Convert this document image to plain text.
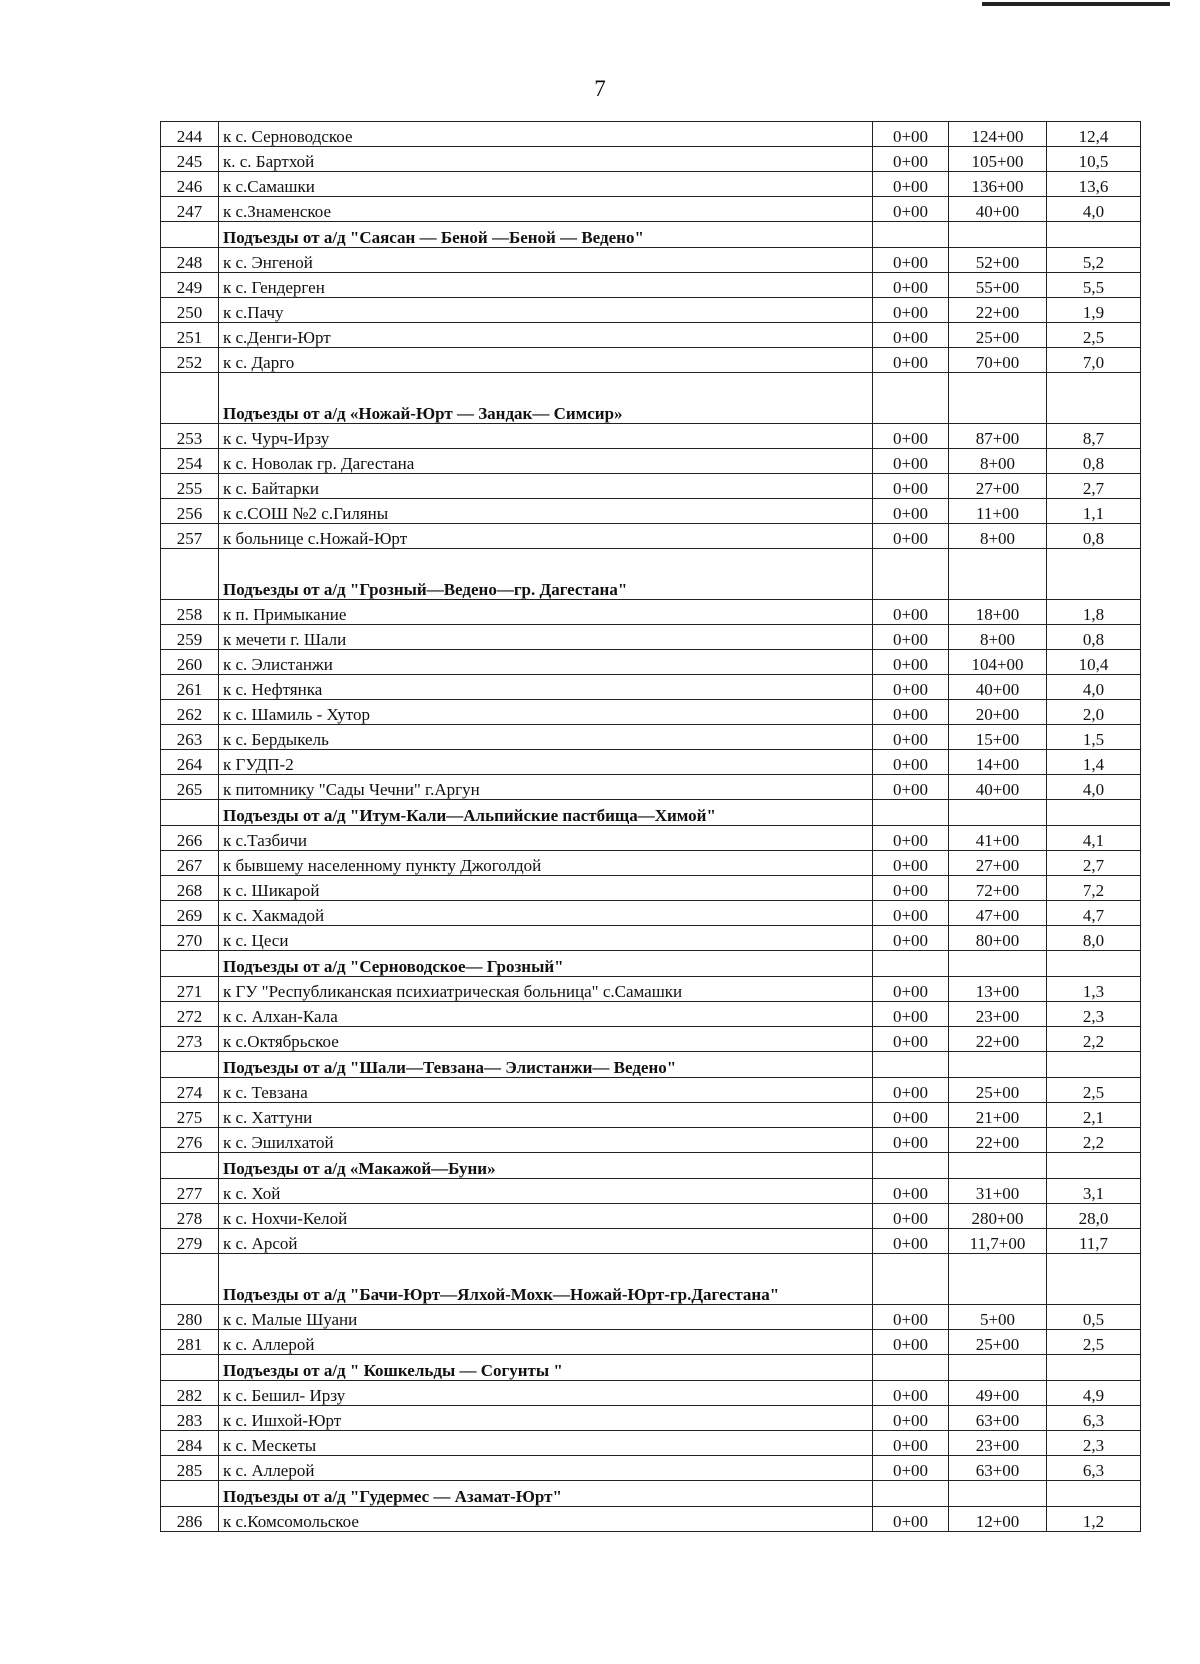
7
244	к с. Серноводское	0+00	124+00	12,4
245	к. с. Бартхой	0+00	105+00	10,5
246	к с.Самашки	0+00	136+00	13,6
247	к с.Знаменское	0+00	40+00	4,0
	Подъезды от а/д "Саясан — Беной —Беной — Ведено"			
248	к с. Энгеной	0+00	52+00	5,2
249	к с. Гендерген	0+00	55+00	5,5
250	к с.Пачу	0+00	22+00	1,9
251	к с.Денги-Юрт	0+00	25+00	2,5
252	к с. Дарго	0+00	70+00	7,0
	Подъезды от а/д «Ножай-Юрт — Зандак— Симсир»			
253	к с. Чурч-Ирзу	0+00	87+00	8,7
254	к с. Новолак гр. Дагестана	0+00	8+00	0,8
255	к с. Байтарки	0+00	27+00	2,7
256	к с.СОШ №2 с.Гиляны	0+00	11+00	1,1
257	к больнице с.Ножай-Юрт	0+00	8+00	0,8
	Подъезды от а/д "Грозный—Ведено—гр. Дагестана"			
258	к п. Примыкание	0+00	18+00	1,8
259	к мечети г. Шали	0+00	8+00	0,8
260	к с. Элистанжи	0+00	104+00	10,4
261	к с. Нефтянка	0+00	40+00	4,0
262	к с. Шамиль - Хутор	0+00	20+00	2,0
263	к с. Бердыкель	0+00	15+00	1,5
264	к ГУДП-2	0+00	14+00	1,4
265	к питомнику "Сады Чечни" г.Аргун	0+00	40+00	4,0
	Подъезды от а/д "Итум-Кали—Альпийские пастбища—Химой"			
266	к с.Тазбичи	0+00	41+00	4,1
267	к бывшему населенному пункту Джоголдой	0+00	27+00	2,7
268	к с. Шикарой	0+00	72+00	7,2
269	к с. Хакмадой	0+00	47+00	4,7
270	к с. Цеси	0+00	80+00	8,0
	Подъезды от а/д "Серноводское— Грозный"			
271	к ГУ "Республиканская психиатрическая больница" с.Самашки	0+00	13+00	1,3
272	к с. Алхан-Кала	0+00	23+00	2,3
273	к с.Октябрьское	0+00	22+00	2,2
	Подъезды от а/д "Шали—Тевзана— Элистанжи— Ведено"			
274	к с. Тевзана	0+00	25+00	2,5
275	к с. Хаттуни	0+00	21+00	2,1
276	к с. Эшилхатой	0+00	22+00	2,2
	Подъезды от а/д «Макажой—Буни»			
277	к с. Хой	0+00	31+00	3,1
278	к с. Нохчи-Келой	0+00	280+00	28,0
279	к с. Арсой	0+00	11,7+00	11,7
	Подъезды от а/д "Бачи-Юрт—Ялхой-Мохк—Ножай-Юрт-гр.Дагестана"			
280	к с. Малые Шуани	0+00	5+00	0,5
281	к с. Аллерой	0+00	25+00	2,5
	Подъезды от а/д " Кошкельды — Согунты "			
282	к с. Бешил- Ирзу	0+00	49+00	4,9
283	к с. Ишхой-Юрт	0+00	63+00	6,3
284	к с. Мескеты	0+00	23+00	2,3
285	к с. Аллерой	0+00	63+00	6,3
	Подъезды от а/д "Гудермес — Азамат-Юрт"			
286	к с.Комсомольское	0+00	12+00	1,2
